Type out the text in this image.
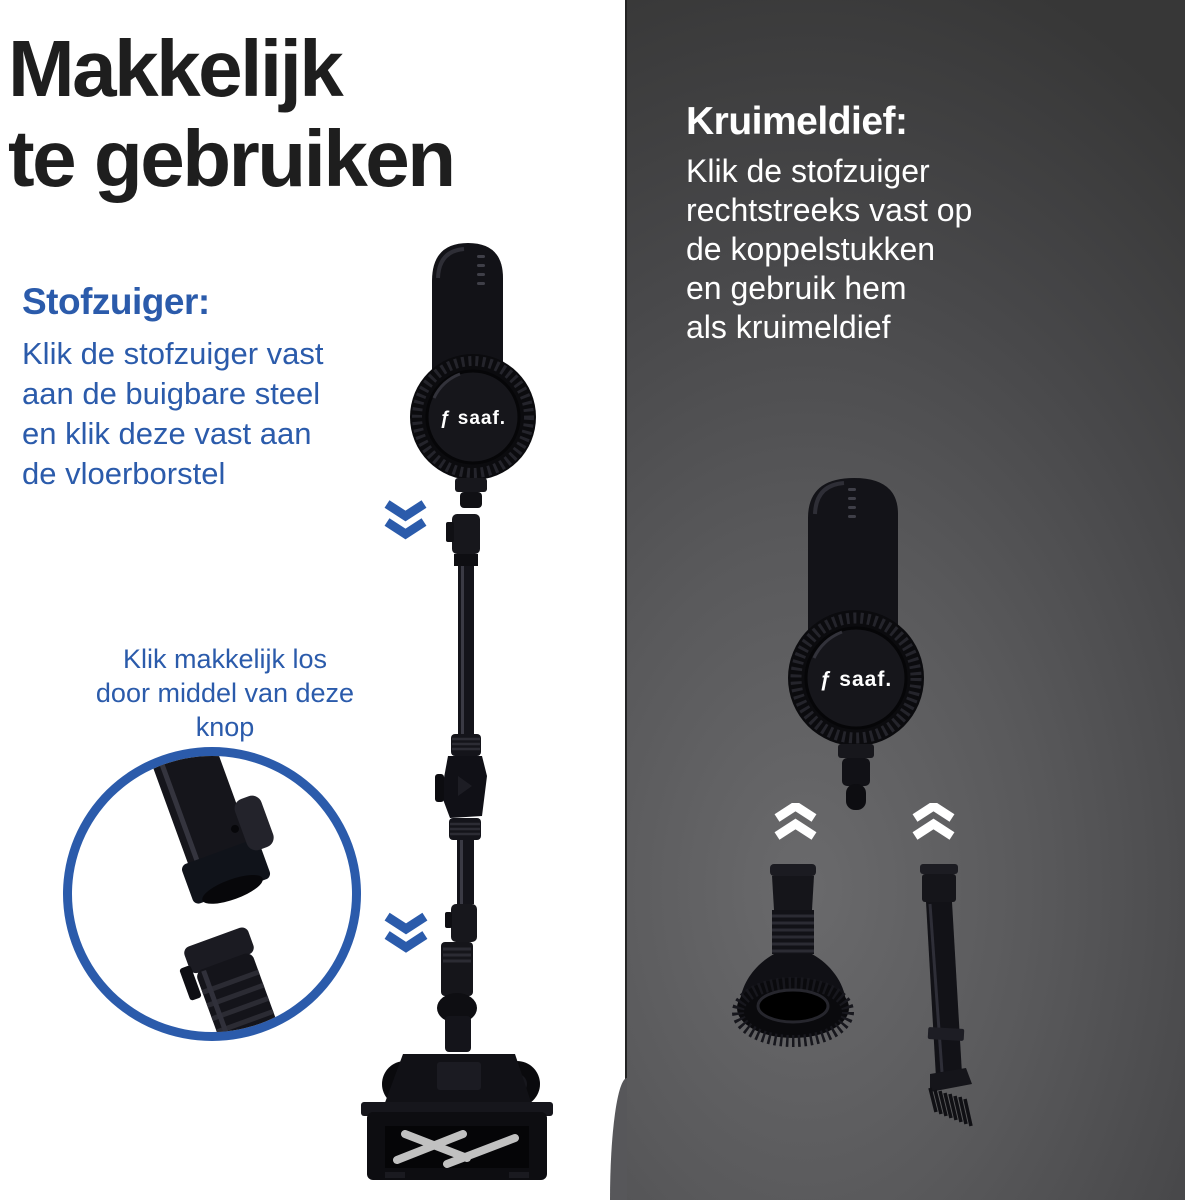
Makkelijk
te gebruiken
Stofzuiger:
Klik de stofzuiger vast
aan de buigbare steel
en klik deze vast aan
de vloerborstel
Klik makkelijk los
door middel van deze
knop
ƒ saaf.
Kruimeldief:
Klik de stofzuiger
rechtstreeks vast op
de koppelstukken
en gebruik hem
als kruimeldief
ƒ saaf.
